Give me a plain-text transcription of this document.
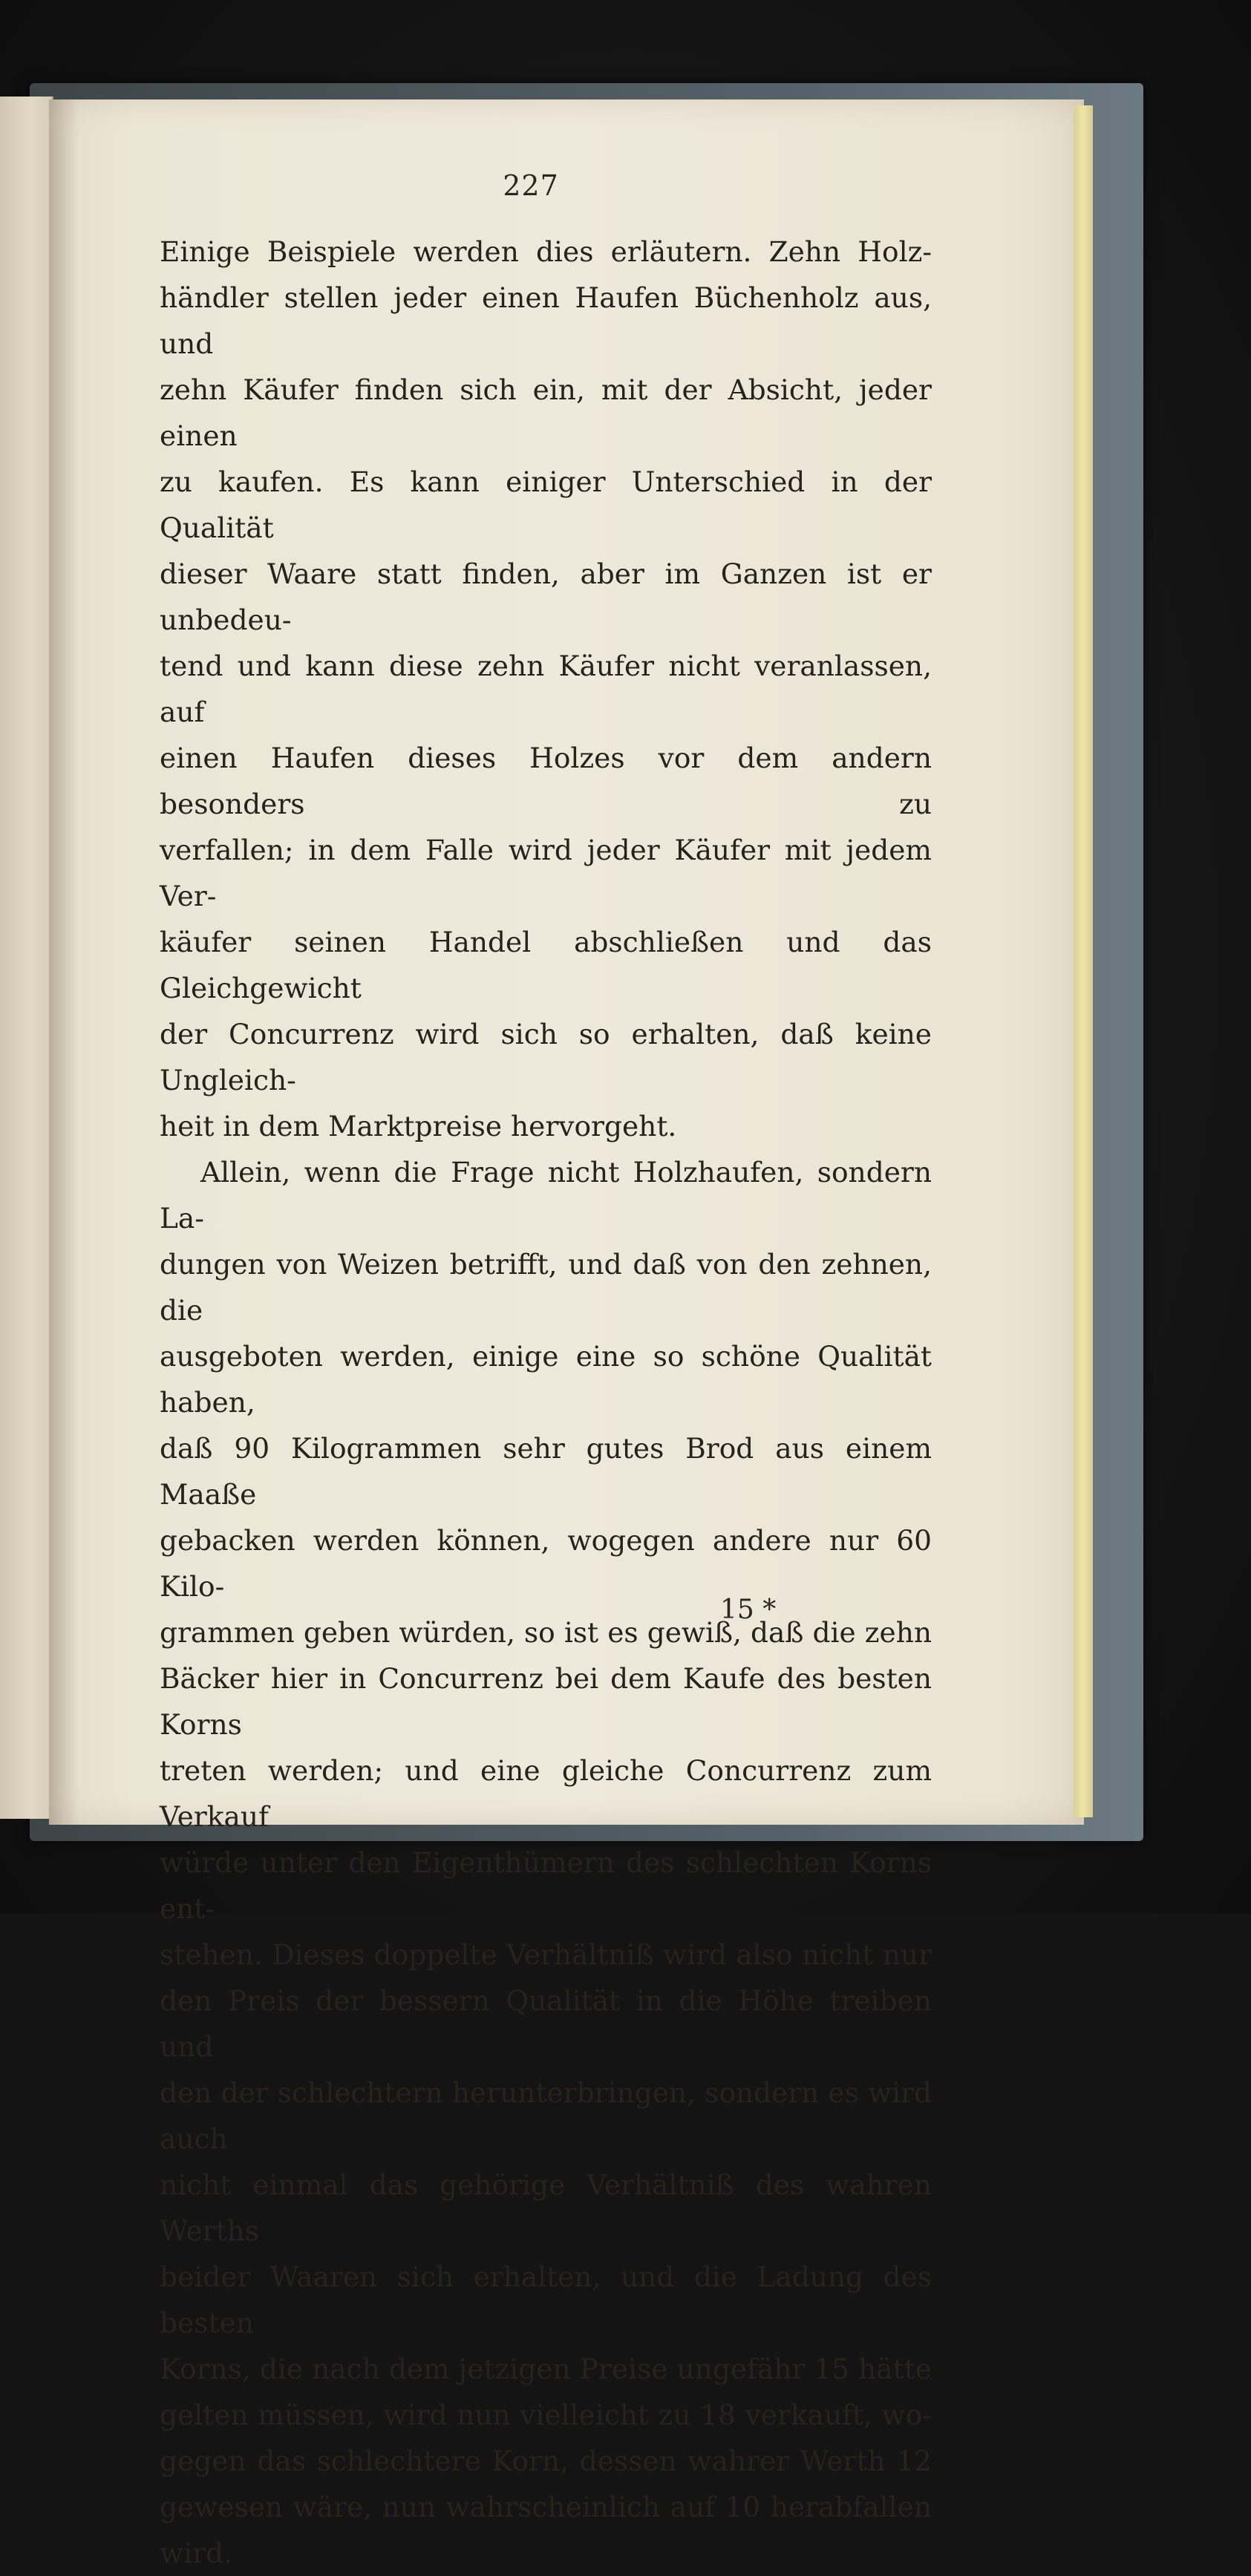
227

Einige Beispiele werden dies erläutern. Zehn Holz-

händler stellen jeder einen Haufen Büchenholz aus, und

zehn Käufer finden sich ein, mit der Absicht, jeder einen

zu kaufen. Es kann einiger Unterschied in der Qualität

dieser Waare statt finden, aber im Ganzen ist er unbedeu-

tend und kann diese zehn Käufer nicht veranlassen, auf

einen Haufen dieses Holzes vor dem andern besonders zu

verfallen; in dem Falle wird jeder Käufer mit jedem Ver-

käufer seinen Handel abschließen und das Gleichgewicht

der Concurrenz wird sich so erhalten, daß keine Ungleich-

heit in dem Marktpreise hervorgeht.

Allein, wenn die Frage nicht Holzhaufen, sondern La-

dungen von Weizen betrifft, und daß von den zehnen, die

ausgeboten werden, einige eine so schöne Qualität haben,

daß 90 Kilogrammen sehr gutes Brod aus einem Maaße

gebacken werden können, wogegen andere nur 60 Kilo-

grammen geben würden, so ist es gewiß, daß die zehn

Bäcker hier in Concurrenz bei dem Kaufe des besten Korns

treten werden; und eine gleiche Concurrenz zum Verkauf

würde unter den Eigenthümern des schlechten Korns ent-

stehen. Dieses doppelte Verhältniß wird also nicht nur

den Preis der bessern Qualität in die Höhe treiben und

den der schlechtern herunterbringen, sondern es wird auch

nicht einmal das gehörige Verhältniß des wahren Werths

beider Waaren sich erhalten, und die Ladung des besten

Korns, die nach dem jetzigen Preise ungefähr 15 hätte

gelten müssen, wird nun vielleicht zu 18 verkauft, wo-

gegen das schlechtere Korn, dessen wahrer Werth 12

gewesen wäre, nun wahrscheinlich auf 10 herabfallen

wird.

15 *
